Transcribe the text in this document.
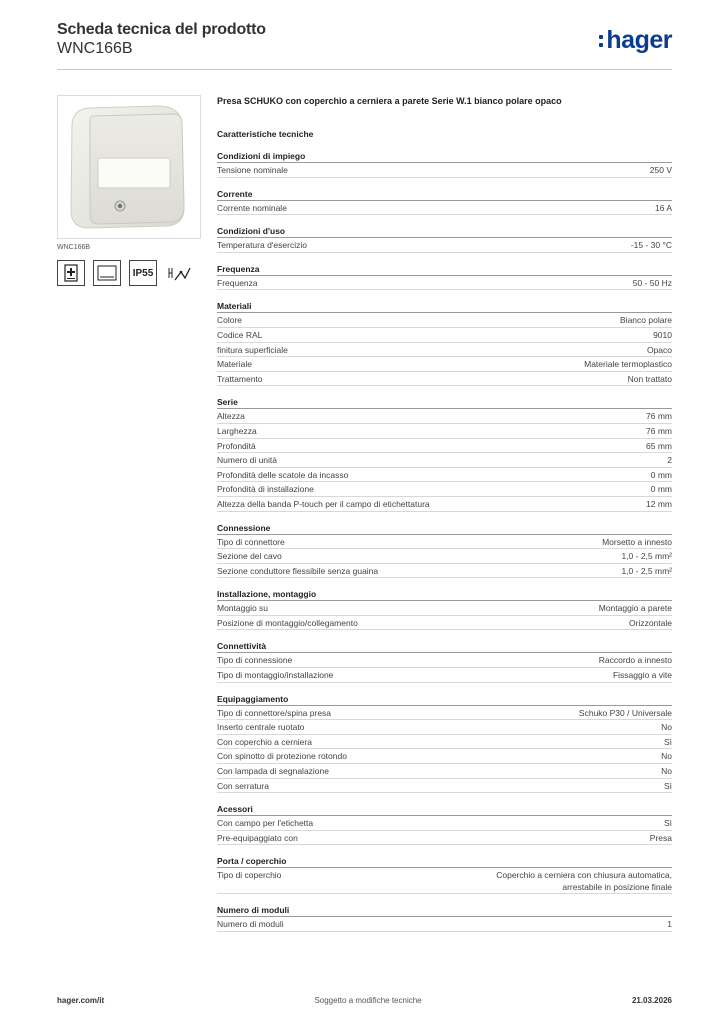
Scheda tecnica del prodotto
WNC166B	hager
WNC166B
IP55
Presa SCHUKO con coperchio a cerniera a parete Serie W.1 bianco polare opaco
Caratteristiche tecniche
Condizioni di impiego
Tensione nominale	250 V
Corrente
Corrente nominale	16 A
Condizioni d'uso
Temperatura d'esercizio	-15 - 30 °C
Frequenza
Frequenza	50 - 50 Hz
Materiali
Colore	Bianco polare
Codice RAL	9010
finitura superficiale	Opaco
Materiale	Materiale termoplastico
Trattamento	Non trattato
Serie
Altezza	76 mm
Larghezza	76 mm
Profondità	65 mm
Numero di unità	2
Profondità delle scatole da incasso	0 mm
Profondità di installazione	0 mm
Altezza della banda P-touch per il campo di etichettatura	12 mm
Connessione
Tipo di connettore	Morsetto a innesto
Sezione del cavo	1,0 - 2,5 mm²
Sezione conduttore flessibile senza guaina	1,0 - 2,5 mm²
Installazione, montaggio
Montaggio su	Montaggio a parete
Posizione di montaggio/collegamento	Orizzontale
Connettività
Tipo di connessione	Raccordo a innesto
Tipo di montaggio/installazione	Fissaggio a vite
Equipaggiamento
Tipo di connettore/spina presa	Schuko P30 / Universale
Inserto centrale ruotato	No
Con coperchio a cerniera	Sì
Con spinotto di protezione rotondo	No
Con lampada di segnalazione	No
Con serratura	Sì
Acessori
Con campo per l'etichetta	Sì
Pre-equipaggiato con	Presa
Porta / coperchio
Tipo di coperchio	Coperchio a cerniera con chiusura automatica, arrestabile in posizione finale
Numero di moduli
Numero di moduli	1
hager.com/it	Soggetto a modifiche tecniche	21.03.2026
